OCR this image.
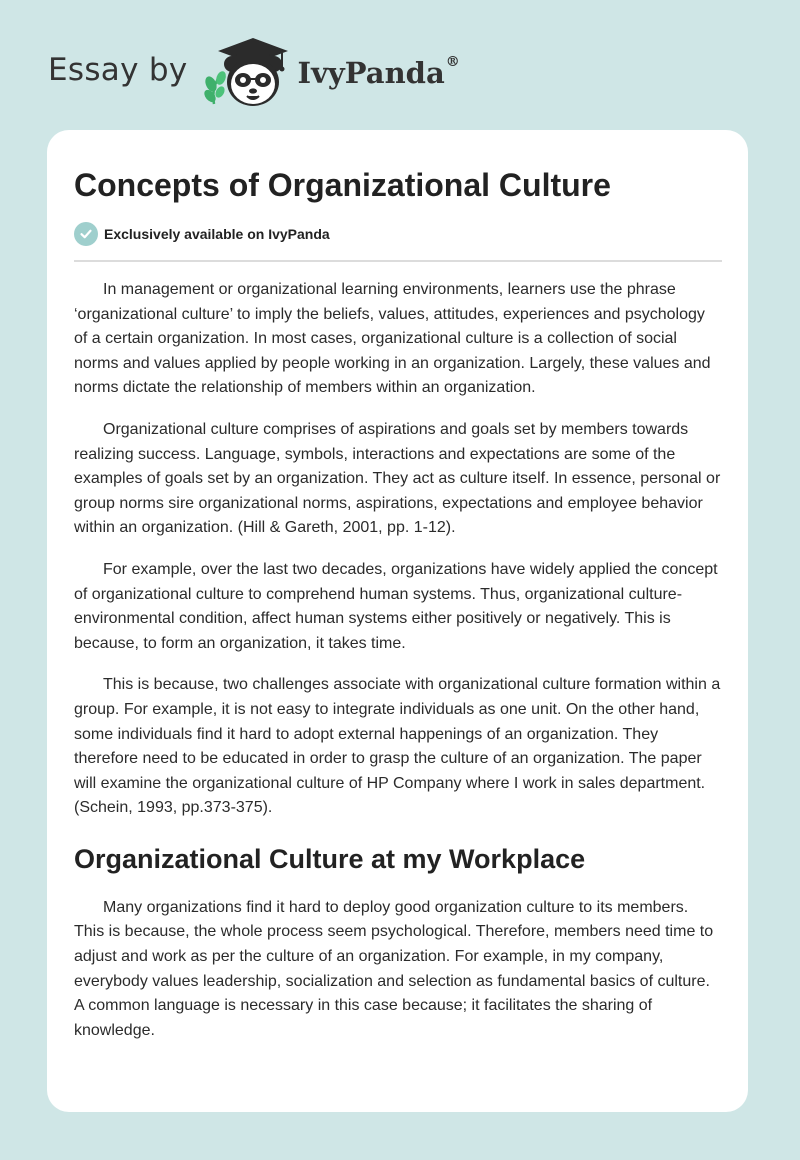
Essay by	IvyPanda®
Concepts of Organizational Culture
Exclusively available on IvyPanda

In management or organizational learning environments, learners use the phrase ‘organizational culture’ to imply the beliefs, values, attitudes, experiences and psychology of a certain organization. In most cases, organizational culture is a collection of social norms and values applied by people working in an organization. Largely, these values and norms dictate the relationship of members within an organization.

Organizational culture comprises of aspirations and goals set by members towards realizing success. Language, symbols, interactions and expectations are some of the examples of goals set by an organization. They act as culture itself. In essence, personal or group norms sire organizational norms, aspirations, expectations and employee behavior within an organization. (Hill & Gareth, 2001, pp. 1-12).

For example, over the last two decades, organizations have widely applied the concept of organizational culture to comprehend human systems. Thus, organizational culture-environmental condition, affect human systems either positively or negatively. This is because, to form an organization, it takes time.

This is because, two challenges associate with organizational culture formation within a group. For example, it is not easy to integrate individuals as one unit. On the other hand, some individuals find it hard to adopt external happenings of an organization. They therefore need to be educated in order to grasp the culture of an organization. The paper will examine the organizational culture of HP Company where I work in sales department. (Schein, 1993, pp.373-375).

Organizational Culture at my Workplace

Many organizations find it hard to deploy good organization culture to its members. This is because, the whole process seem psychological. Therefore, members need time to adjust and work as per the culture of an organization. For example, in my company, everybody values leadership, socialization and selection as fundamental basics of culture. A common language is necessary in this case because; it facilitates the sharing of knowledge.
